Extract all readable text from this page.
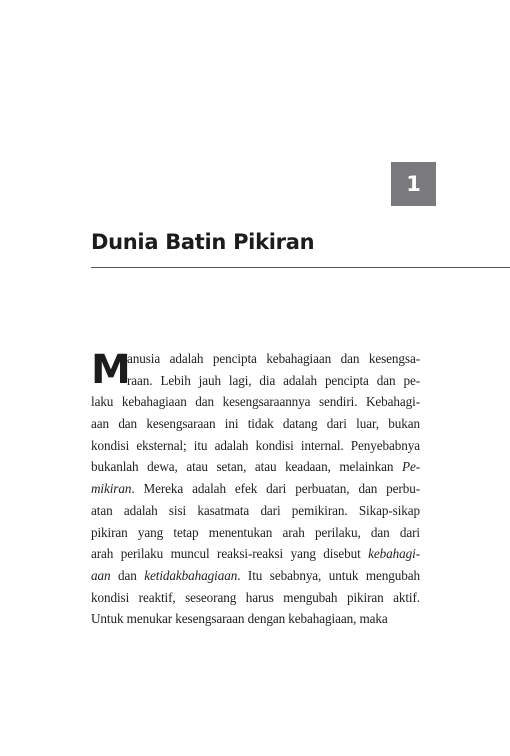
1
Dunia Batin Pikiran
M
anusia adalah pencipta kebahagiaan dan kesengsa-
raan. Lebih jauh lagi, dia adalah pencipta dan pe-
laku kebahagiaan dan kesengsaraannya sendiri. Kebahagi-
aan dan kesengsaraan ini tidak datang dari luar, bukan
kondisi eksternal; itu adalah kondisi internal. Penyebabnya
bukanlah dewa, atau setan, atau keadaan, melainkan Pe-
mikiran. Mereka adalah efek dari perbuatan, dan perbu-
atan adalah sisi kasatmata dari pemikiran. Sikap-sikap
pikiran yang tetap menentukan arah perilaku, dan dari
arah perilaku muncul reaksi-reaksi yang disebut kebahagi-
aan dan ketidakbahagiaan. Itu sebabnya, untuk mengubah
kondisi reaktif, seseorang harus mengubah pikiran aktif.
Untuk menukar kesengsaraan dengan kebahagiaan, maka
